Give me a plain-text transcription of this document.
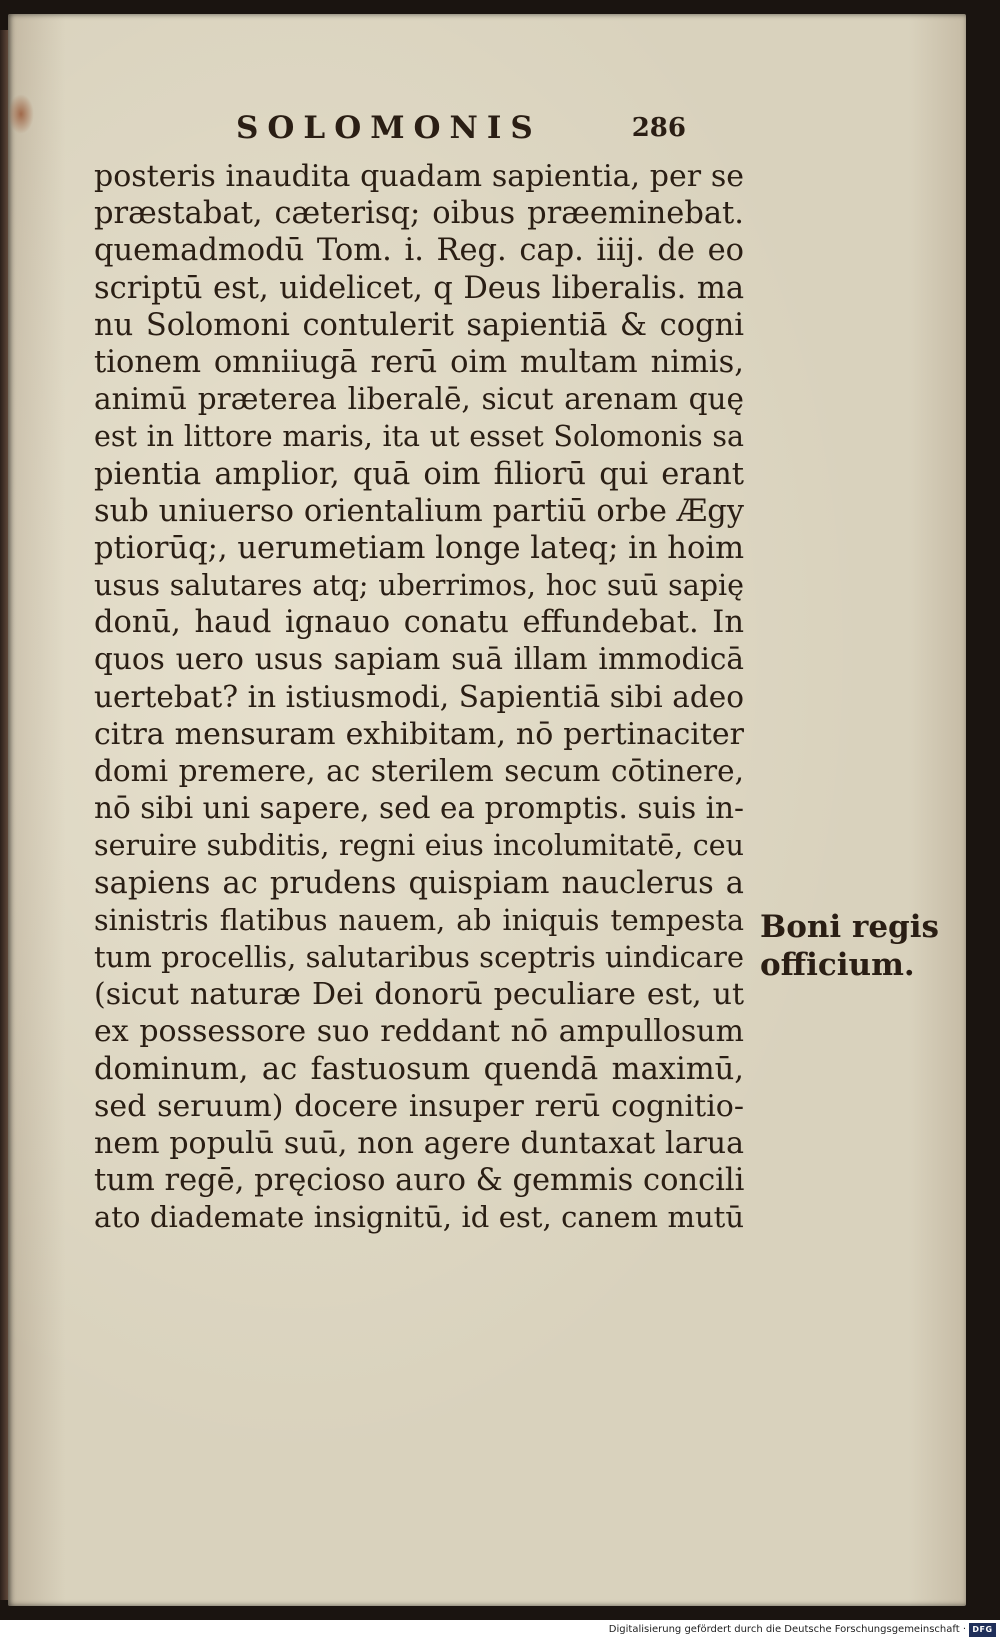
SOLOMONIS	286
posteris inaudita quadam sapientia, per se
præstabat, cæterisq; oibus præeminebat.
quemadmodū Tom. i. Reg. cap. iiij. de eo
scriptū est, uidelicet, q Deus liberalis. ma
nu Solomoni contulerit sapientiā & cogni
tionem omniiugā rerū oim multam nimis,
animū præterea liberalē, sicut arenam quę
est in littore maris, ita ut esset Solomonis sa
pientia amplior, quā oim filiorū qui erant
sub uniuerso orientalium partiū orbe Ægy
ptiorūq;, uerumetiam longe lateq; in hoim
usus salutares atq; uberrimos, hoc suū sapię
donū, haud ignauo conatu effundebat. In
quos uero usus sapiam suā illam immodicā
uertebat? in istiusmodi, Sapientiā sibi adeo
citra mensuram exhibitam, nō pertinaciter
domi premere, ac sterilem secum cōtinere,
nō sibi uni sapere, sed ea promptis. suis in-
seruire subditis, regni eius incolumitatē, ceu
sapiens ac prudens quispiam nauclerus a
sinistris flatibus nauem, ab iniquis tempesta
tum procellis, salutaribus sceptris uindicare
(sicut naturæ Dei donorū peculiare est, ut
ex possessore suo reddant nō ampullosum
dominum, ac fastuosum quendā maximū,
sed seruum) docere insuper rerū cognitio-
nem populū suū, non agere duntaxat larua
tum regē, pręcioso auro & gemmis concili
ato diademate insignitū, id est, canem mutū
Boni regis
officium.
Digitalisierung gefördert durch die Deutsche Forschungsgemeinschaft · DFG
